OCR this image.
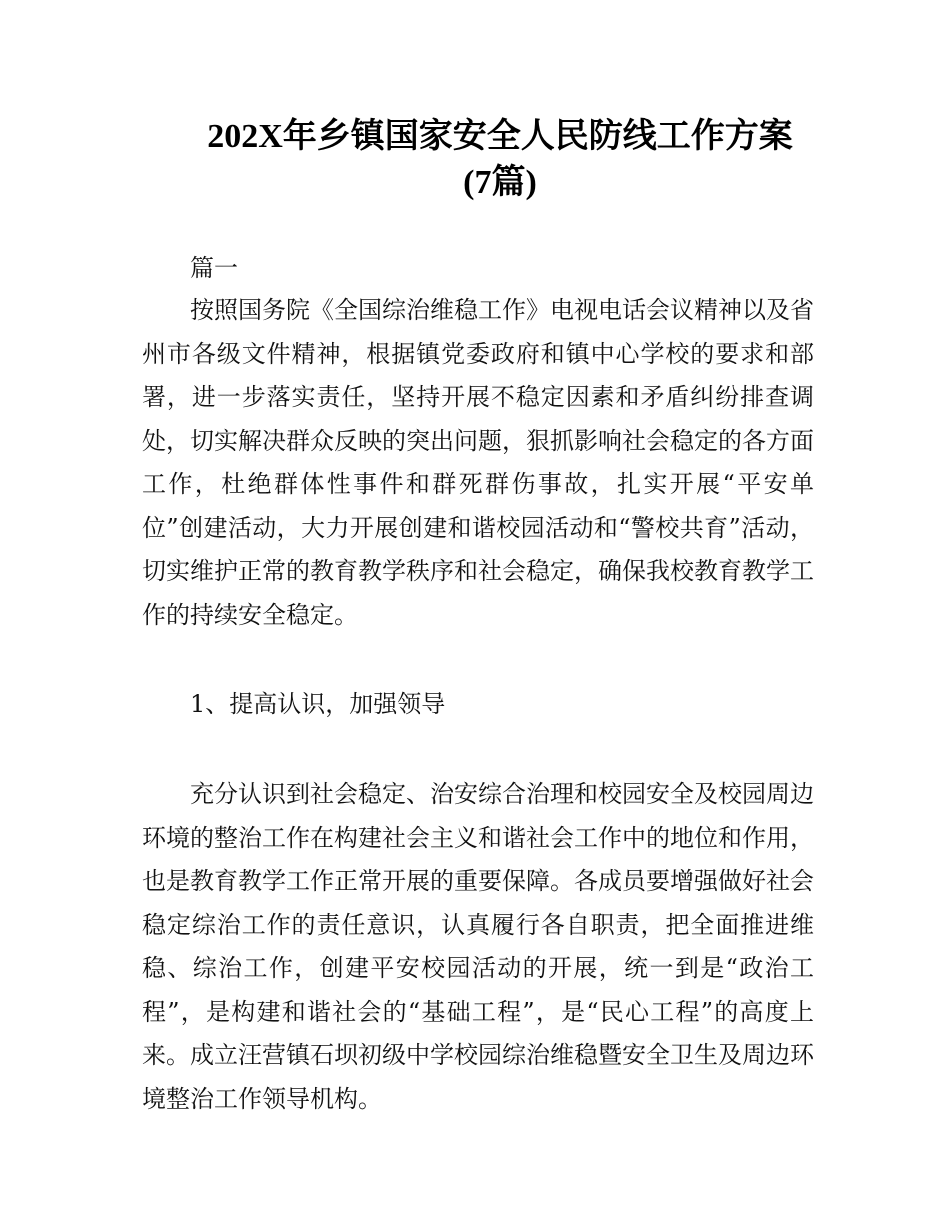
202X年乡镇国家安全人民防线工作方案
(7篇)

篇一

按照国务院《全国综治维稳工作》电视电话会议精神以及省州市各级文件精神，根据镇党委政府和镇中心学校的要求和部署，进一步落实责任，坚持开展不稳定因素和矛盾纠纷排查调处，切实解决群众反映的突出问题，狠抓影响社会稳定的各方面工作，杜绝群体性事件和群死群伤事故，扎实开展“平安单位”创建活动，大力开展创建和谐校园活动和“警校共育”活动，切实维护正常的教育教学秩序和社会稳定，确保我校教育教学工作的持续安全稳定。

1、提高认识，加强领导

充分认识到社会稳定、治安综合治理和校园安全及校园周边环境的整治工作在构建社会主义和谐社会工作中的地位和作用，也是教育教学工作正常开展的重要保障。各成员要增强做好社会稳定综治工作的责任意识，认真履行各自职责，把全面推进维稳、综治工作，创建平安校园活动的开展，统一到是“政治工程”，是构建和谐社会的“基础工程”，是“民心工程”的高度上来。成立汪营镇石坝初级中学校园综治维稳暨安全卫生及周边环境整治工作领导机构。
